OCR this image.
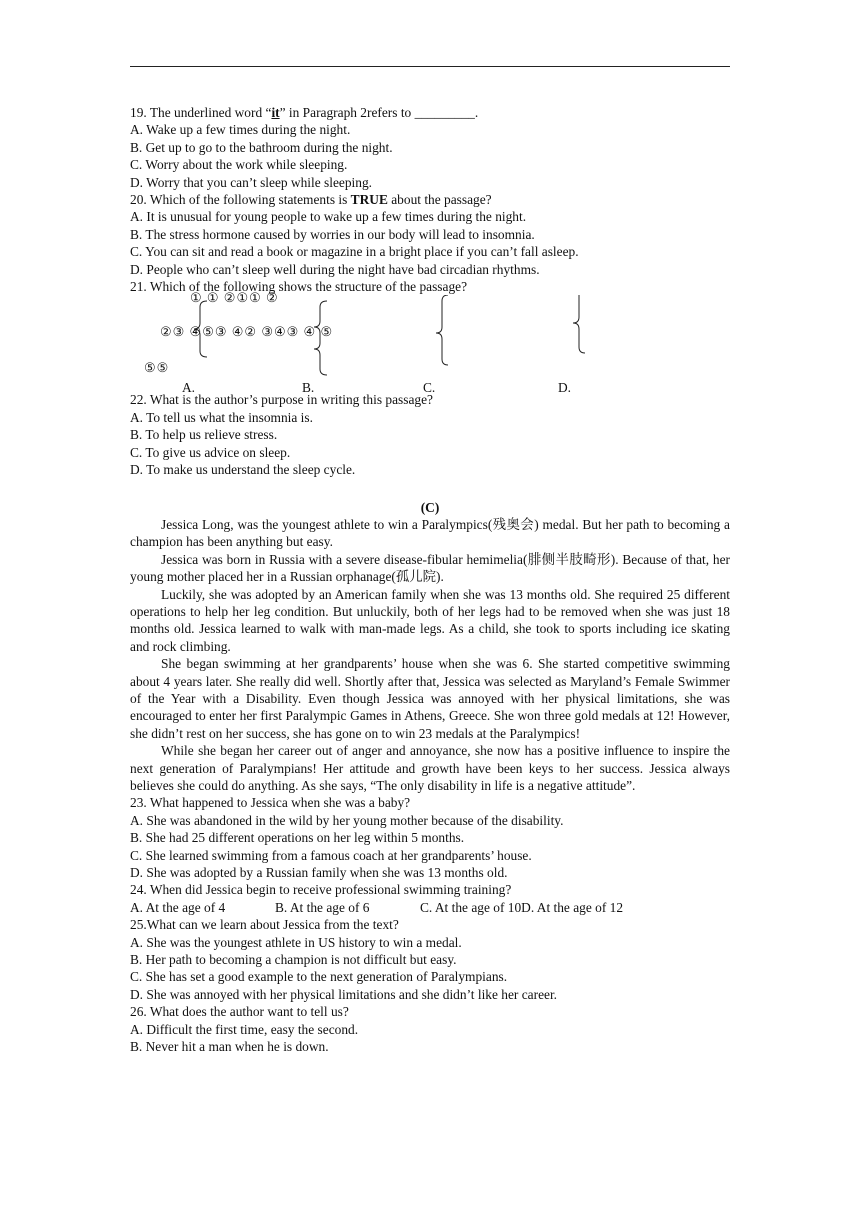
19. The underlined word “it” in Paragraph 2refers to _________.
A. Wake up a few times during the night.
B. Get up to go to the bathroom during the night.
C. Worry about the work while sleeping.
D. Worry that you can’t sleep while sleeping.
20. Which of the following statements is TRUE about the passage?
A. It is unusual for young people to wake up a few times during the night.
B. The stress hormone caused by worries in our body will lead to insomnia.
C. You can sit and read a book or magazine in a bright place if you can’t fall asleep.
D. People who can’t sleep well during the night have bad circadian rhythms.
21. Which of the following shows the structure of the passage?
① ① ②①① ②
②③ ④⑤③ ④② ③④③ ④ ⑤
⑤⑤
A.	B.	C.	D.
22. What is the author’s purpose in writing this passage?
A. To tell us what the insomnia is.
B. To help us relieve stress.
C. To give us advice on sleep.
D. To make us understand the sleep cycle.
(C)
Jessica Long, was the youngest athlete to win a Paralympics(残奥会) medal. But her path to becoming a champion has been anything but easy.
Jessica was born in Russia with a severe disease-fibular hemimelia(腓侧半肢畸形). Because of that, her young mother placed her in a Russian orphanage(孤儿院).
Luckily, she was adopted by an American family when she was 13 months old. She required 25 different operations to help her leg condition. But unluckily, both of her legs had to be removed when she was just 18 months old. Jessica learned to walk with man-made legs. As a child, she took to sports including ice skating and rock climbing.
She began swimming at her grandparents’ house when she was 6. She started competitive swimming about 4 years later. She really did well. Shortly after that, Jessica was selected as Maryland’s Female Swimmer of the Year with a Disability. Even though Jessica was annoyed with her physical limitations, she was encouraged to enter her first Paralympic Games in Athens, Greece. She won three gold medals at 12! However, she didn’t rest on her success, she has gone on to win 23 medals at the Paralympics!
While she began her career out of anger and annoyance, she now has a positive influence to inspire the next generation of Paralympians! Her attitude and growth have been keys to her success. Jessica always believes she could do anything. As she says, “The only disability in life is a negative attitude”.
23. What happened to Jessica when she was a baby?
A. She was abandoned in the wild by her young mother because of the disability.
B. She had 25 different operations on her leg within 5 months.
C. She learned swimming from a famous coach at her grandparents’ house.
D. She was adopted by a Russian family when she was 13 months old.
24. When did Jessica begin to receive professional swimming training?
A. At the age of 4	B. At the age of 6	C. At the age of 10 D. At the age of 12
25.What can we learn about Jessica from the text?
A. She was the youngest athlete in US history to win a medal.
B. Her path to becoming a champion is not difficult but easy.
C. She has set a good example to the next generation of Paralympians.
D. She was annoyed with her physical limitations and she didn’t like her career.
26. What does the author want to tell us?
A. Difficult the first time, easy the second.
B. Never hit a man when he is down.
